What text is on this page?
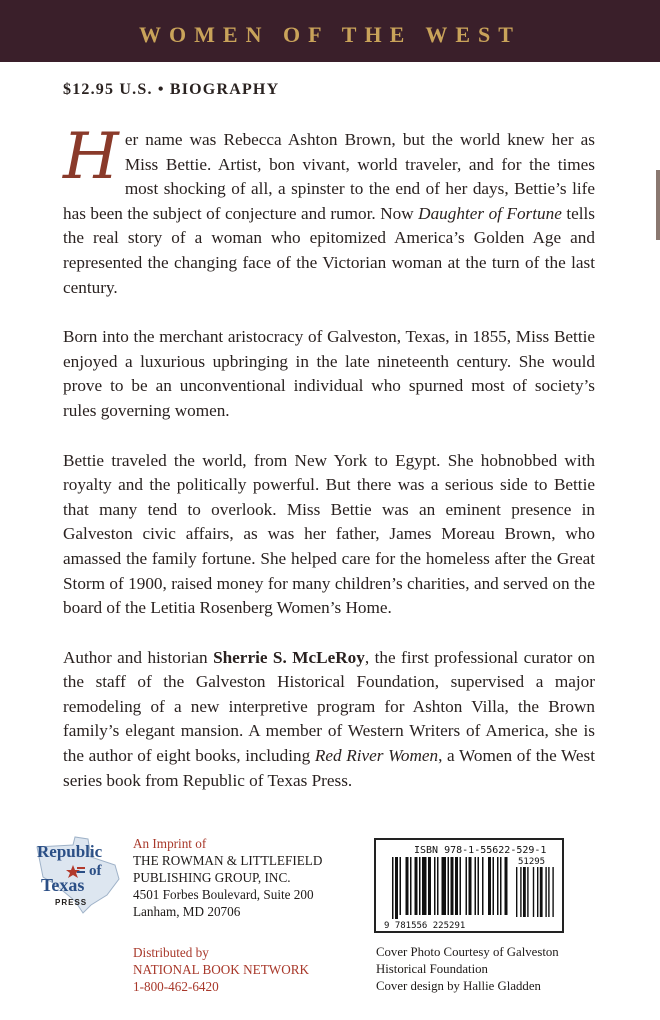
WOMEN OF THE WEST
$12.95 U.S. • BIOGRAPHY

Her name was Rebecca Ashton Brown, but the world knew her as Miss Bettie. Artist, bon vivant, world traveler, and for the times most shocking of all, a spinster to the end of her days, Bettie’s life has been the subject of conjecture and rumor. Now Daughter of Fortune tells the real story of a woman who epitomized America’s Golden Age and represented the changing face of the Victorian woman at the turn of the last century.

Born into the merchant aristocracy of Galveston, Texas, in 1855, Miss Bettie enjoyed a luxurious upbringing in the late nineteenth century. She would prove to be an unconventional individual who spurned most of society’s rules governing women.

Bettie traveled the world, from New York to Egypt. She hobnobbed with royalty and the politically powerful. But there was a serious side to Bettie that many tend to overlook. Miss Bettie was an eminent presence in Galveston civic affairs, as was her father, James Moreau Brown, who amassed the family fortune. She helped care for the homeless after the Great Storm of 1900, raised money for many children’s charities, and served on the board of the Letitia Rosenberg Women’s Home.

Author and historian Sherrie S. McLeRoy, the first professional curator on the staff of the Galveston Historical Foundation, supervised a major remodeling of a new interpretive program for Ashton Villa, the Brown family’s elegant mansion. A member of Western Writers of America, she is the author of eight books, including Red River Women, a Women of the West series book from Republic of Texas Press.

Republic
of
Texas
PRESS
An Imprint of
THE ROWMAN & LITTLEFIELD
PUBLISHING GROUP, INC.
4501 Forbes Boulevard, Suite 200
Lanham, MD 20706
Distributed by
NATIONAL BOOK NETWORK
1-800-462-6420
ISBN 978-1-55622-529-1
51295
9 781556 225291
Cover Photo Courtesy of Galveston
Historical Foundation
Cover design by Hallie Gladden
